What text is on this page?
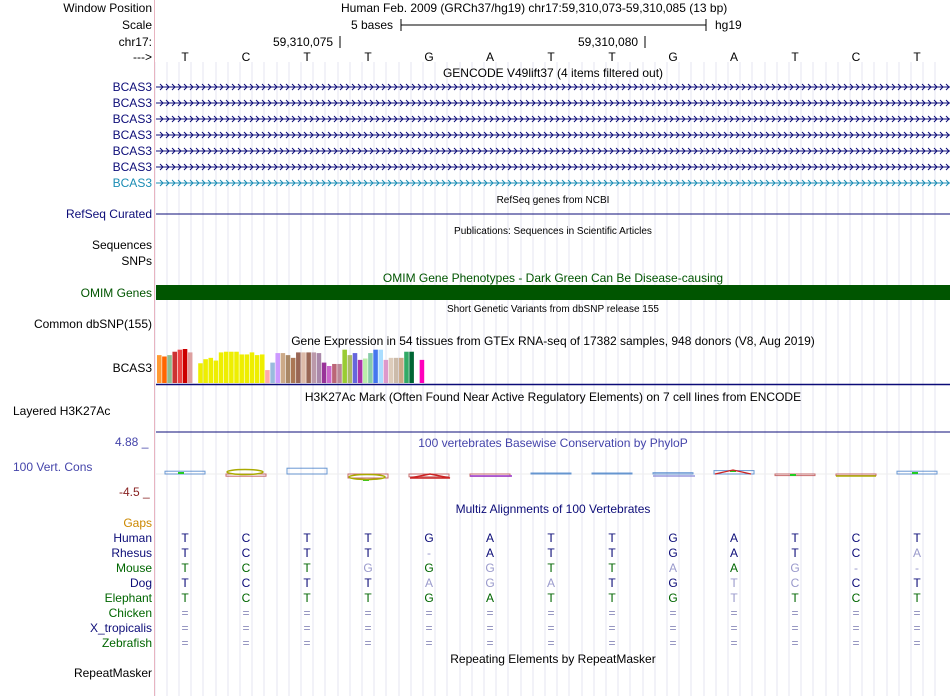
Window Position	Human Feb. 2009 (GRCh37/hg19) chr17:59,310,073-59,310,085 (13 bp)
Scale	5 bases	hg19
chr17:	59,310,075	59,310,080
--->	T	C	T	T	G	A	T	T	G	A	T	C	T
GENCODE V49lift37 (4 items filtered out)
BCAS3
BCAS3
BCAS3
BCAS3
BCAS3
BCAS3
BCAS3
RefSeq genes from NCBI
RefSeq Curated
Publications: Sequences in Scientific Articles
Sequences
SNPs
OMIM Gene Phenotypes - Dark Green Can Be Disease-causing
OMIM Genes
Short Genetic Variants from dbSNP release 155
Common dbSNP(155)
Gene Expression in 54 tissues from GTEx RNA-seq of 17382 samples, 948 donors (V8, Aug 2019)
BCAS3
H3K27Ac Mark (Often Found Near Active Regulatory Elements) on 7 cell lines from ENCODE
Layered H3K27Ac
4.88 _	100 vertebrates Basewise Conservation by PhyloP
100 Vert. Cons
-4.5 _
Multiz Alignments of 100 Vertebrates
Gaps
Human	T	C	T	T	G	A	T	T	G	A	T	C	T
Rhesus	T	C	T	T	-	A	T	T	G	A	T	C	A
Mouse	T	C	T	G	G	G	T	T	A	A	G	-	-
Dog	T	C	T	T	A	G	A	T	G	T	C	C	T
Elephant	T	C	T	T	G	A	T	T	G	T	T	C	T
Chicken	=	=	=	=	=	=	=	=	=	=	=	=	=
X_tropicalis	=	=	=	=	=	=	=	=	=	=	=	=	=
Zebrafish	=	=	=	=	=	=	=	=	=	=	=	=	=
Repeating Elements by RepeatMasker
RepeatMasker
